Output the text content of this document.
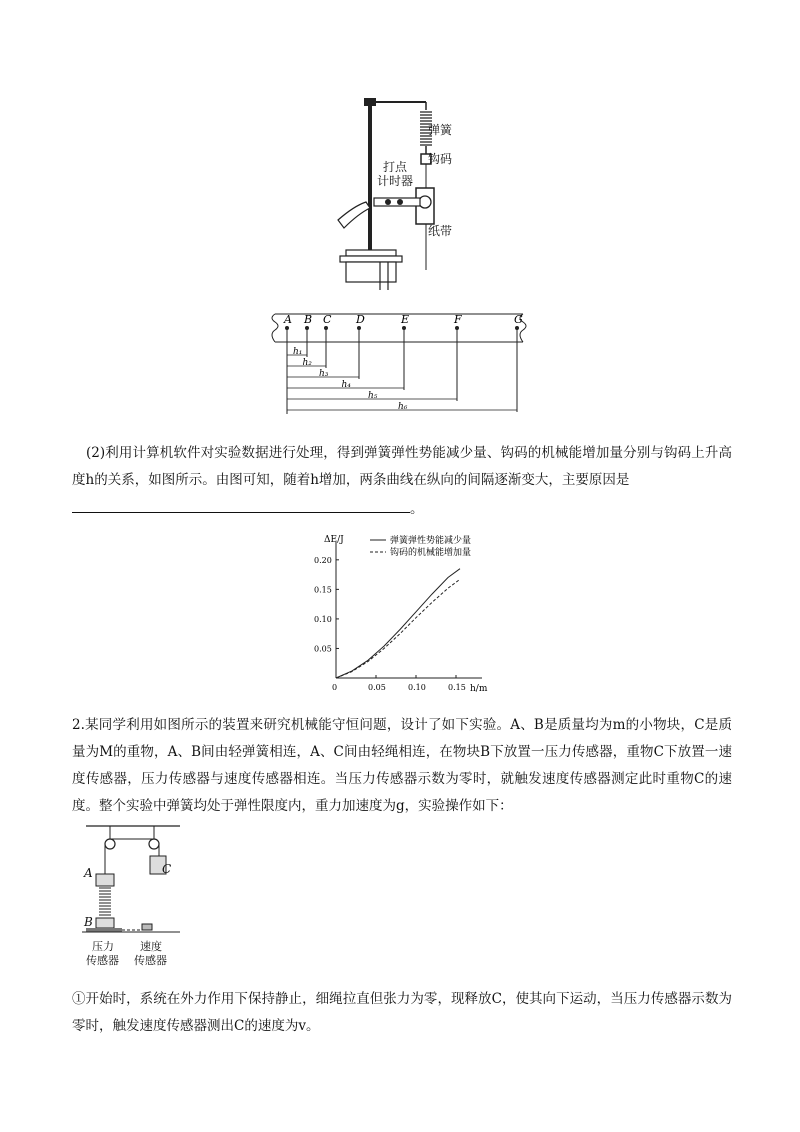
弹簧
钩码
打点
计时器
纸带
A B C D	E	F	G
h₁
h₂
h₃
h₄
h₅
h₆
(2)利用计算机软件对实验数据进行处理，得到弹簧弹性势能减少量、钩码的机械能增加量分别与钩码上升高度h的关系，如图所示。由图可知，随着h增加，两条曲线在纵向的间隔逐渐变大，主要原因是
。
ΔE/J
h/m
0.05
0.10
0.15
0.20
0	0.05	0.10	0.15
弹簧弹性势能减少量
钩码的机械能增加量
2.某同学利用如图所示的装置来研究机械能守恒问题，设计了如下实验。A、B是质量均为m的小物块，C是质量为M的重物，A、B间由轻弹簧相连，A、C间由轻绳相连，在物块B下放置一压力传感器，重物C下放置一速度传感器，压力传感器与速度传感器相连。当压力传感器示数为零时，就触发速度传感器测定此时重物C的速度。整个实验中弹簧均处于弹性限度内，重力加速度为g，实验操作如下：
A
B
C
压力
传感器
速度
传感器
①开始时，系统在外力作用下保持静止，细绳拉直但张力为零，现释放C，使其向下运动，当压力传感器示数为零时，触发速度传感器测出C的速度为v。
